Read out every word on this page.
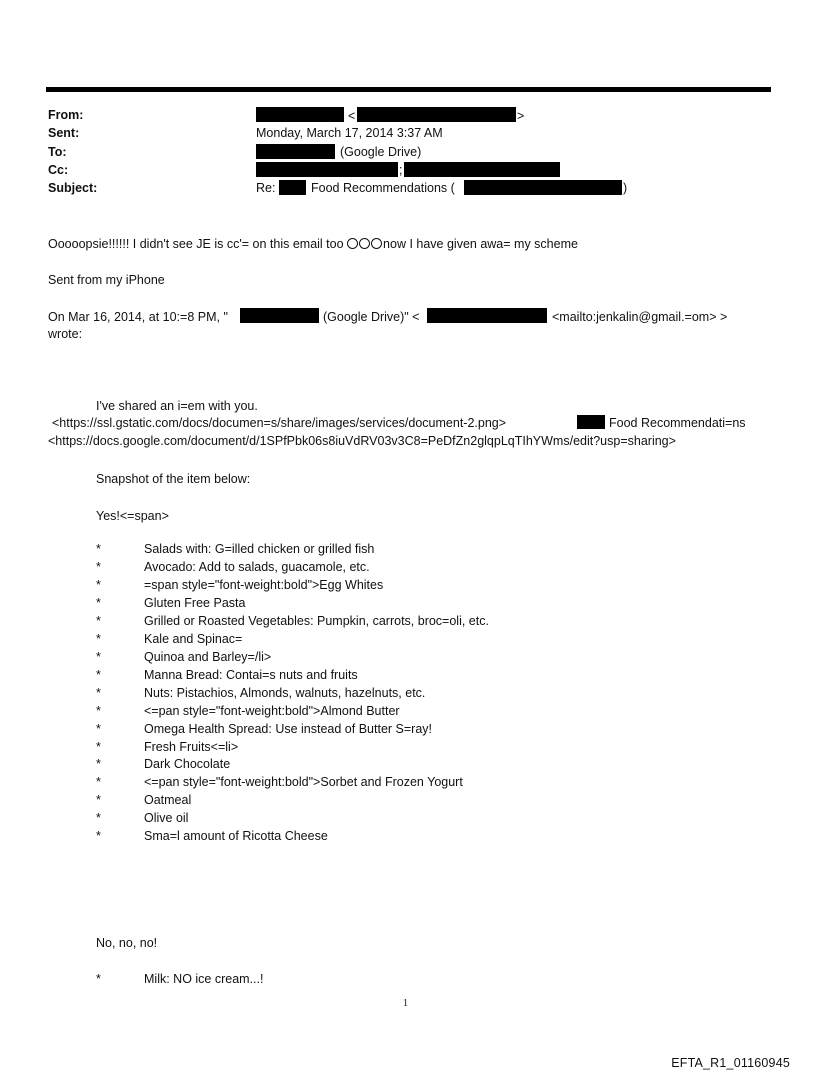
From:	<	>
Sent:	Monday, March 17, 2014 3:37 AM
To:	(Google Drive)
Cc:	;
Subject:	Re:	Food Recommendations (	)
Ooooopsie!!!!!! I didn't see JE is cc'= on this email too	now I have given awa= my scheme
Sent from my iPhone
On Mar 16, 2014, at 10:=8 PM, "	(Google Drive)" <	<mailto:jenkalin@gmail.=om> >
wrote:
I've shared an i=em with you.
<https://ssl.gstatic.com/docs/documen=s/share/images/services/document-2.png>	Food Recommendati=ns
<https://docs.google.com/document/d/1SPfPbk06s8iuVdRV03v3C8=PeDfZn2glqpLqTIhYWms/edit?usp=sharing>
Snapshot of the item below:
Yes!<=span>
*	Salads with: G=illed chicken or grilled fish
*	Avocado: Add to salads, guacamole, etc.
*	=span style="font-weight:bold">Egg Whites
*	Gluten Free Pasta
*	Grilled or Roasted Vegetables: Pumpkin, carrots, broc=oli, etc.
*	Kale and Spinac=
*	Quinoa and Barley=/li>
*	Manna Bread: Contai=s nuts and fruits
*	Nuts: Pistachios, Almonds, walnuts, hazelnuts, etc.
*	<=pan style="font-weight:bold">Almond Butter
*	Omega Health Spread: Use instead of Butter S=ray!
*	Fresh Fruits<=li>
*	Dark Chocolate
*	<=pan style="font-weight:bold">Sorbet and Frozen Yogurt
*	Oatmeal
*	Olive oil
*	Sma=l amount of Ricotta Cheese
No, no, no!
*	Milk: NO ice cream...!
1
EFTA_R1_01160945
